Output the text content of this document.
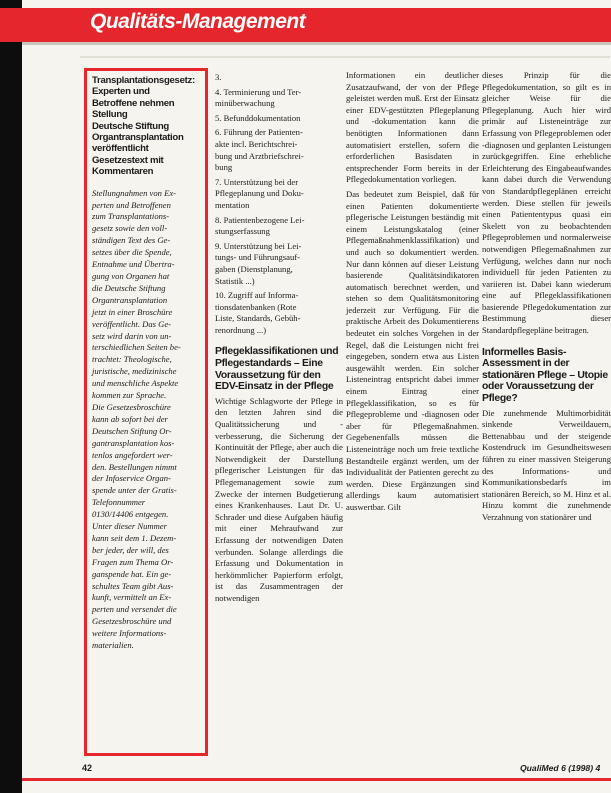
Qualitäts-Management
Transplantationsgesetz:
Experten und
Betroffene nehmen
Stellung
Deutsche Stiftung
Organtransplantation
veröffentlicht
Gesetzestext mit
Kommentaren
Stellungnahmen von Ex-
perten und Betroffenen
zum Transplantations-
gesetz sowie den voll-
ständigen Text des Ge-
setzes über die Spende,
Entnahme und Übertra-
gung von Organen hat
die Deutsche Stiftung
Organtransplantation
jetzt in einer Broschüre
veröffentlicht. Das Ge-
setz wird darin von un-
terschiedlichen Seiten be-
trachtet: Theologische,
juristische, medizinische
und menschliche Aspekte
kommen zur Sprache.
Die Gesetzesbroschüre
kann ab sofort bei der
Deutschen Stiftung Or-
gantransplantation kos-
tenlos angefordert wer-
den. Bestellungen nimmt
der Infoservice Organ-
spende unter der Gratis-
Telefonnummer
0130/14406 entgegen.
Unter dieser Nummer
kann seit dem 1. Dezem-
ber jeder, der will, des
Fragen zum Thema Or-
ganspende hat. Ein ge-
schultes Team gibt Aus-
kunft, vermittelt an Ex-
perten und versendet die
Gesetzesbroschüre und
weitere Informations-
materialien.

3.

4. Terminierung und Ter-
minüberwachung

5. Befunddokumentation

6. Führung der Patienten-
akte incl. Berichtschrei-
bung und Arztbriefschrei-
bung

7. Unterstützung bei der
Pflegeplanung und Doku-
mentation

8. Patientenbezogene Lei-
stungserfassung

9. Unterstützung bei Lei-
tungs- und Führungsauf-
gaben (Dienstplanung,
Statistik ...)

10. Zugriff auf Informa-
tionsdatenbanken (Rote
Liste, Standards, Gebüh-
renordnung ...)

Pflegeklassifikationen und Pflegestandards – Eine Voraussetzung für den EDV-Einsatz in der Pflege

Wichtige Schlagworte der Pflege in den letzten Jahren sind die Qualitätssicherung und -verbesserung, die Sicherung der Kontinuität der Pflege, aber auch die Notwendigkeit der Darstellung pflegerischer Leistungen für das Pflegemanagement sowie zum Zwecke der internen Budgetierung eines Krankenhauses. Laut Dr. U. Schrader und diese Aufgaben häufig mit einer Mehraufwand zur Erfassung der notwendigen Daten verbunden. Solange allerdings die Erfassung und Dokumentation in herkömmlicher Papierform erfolgt, ist das Zusammentragen der notwendigen

Informationen ein deutlicher Zusatzaufwand, der von der Pflege geleistet werden muß. Erst der Einsatz einer EDV-gestützten Pflegeplanung und -dokumentation kann die benötigten Informationen dann automatisiert erstellen, sofern die erforderlichen Basisdaten in entsprechender Form bereits in der Pflegedokumentation vorliegen.

Das bedeutet zum Beispiel, daß für einen Patienten dokumentierte pflegerische Leistungen beständig mit einem Leistungskatalog (einer Pflegemaßnahmenklassifikation) und und auch so dokumentiert werden. Nur dann können auf dieser Leistung basierende Qualitätsindikatoren automatisch berechnet werden, und stehen so dem Qualitätsmonitoring jederzeit zur Verfügung. Für die praktische Arbeit des Dokumentierens bedeutet ein solches Vorgehen in der Regel, daß die Leistungen nicht frei eingegeben, sondern etwa aus Listen ausgewählt werden. Ein solcher Listeneintrag entspricht dabei immer einem Eintrag einer Pflegeklassifikation, so es für Pflegeprobleme und -diagnosen oder aber für Pflegemaßnahmen. Gegebenenfalls müssen die Listeneinträge noch um freie textliche Bestandteile ergänzt werden, um der Individualität der Patienten gerecht zu werden. Diese Ergänzungen sind allerdings kaum automatisiert auswertbar. Gilt

dieses Prinzip für die Pflegedokumentation, so gilt es in gleicher Weise für die Pflegeplanung. Auch hier wird primär auf Listeneinträge zur Erfassung von Pflegeproblemen oder -diagnosen und geplanten Leistungen zurückgegriffen. Eine erhebliche Erleichterung des Eingabeaufwandes kann dabei durch die Verwendung von Standardpflegeplänen erreicht werden. Diese stellen für jeweils einen Patiententypus quasi ein Skelett von zu beobachtenden Pflegeproblemen und normalerweise notwendigen Pflegemaßnahmen zur Verfügung, welches dann nur noch individuell für jeden Patienten zu variieren ist. Dabei kann wiederum eine auf Pflegeklassifikationen basierende Pflegedokumentation zur Bestimmung dieser Standardpflegepläne beitragen.

Informelles Basis-Assessment in der stationären Pflege – Utopie oder Voraussetzung der Pflege?

Die zunehmende Multimorbidität sinkende Verweildauern, Bettenabbau und der steigende Kostendruck im Gesundheitswesen führen zu einer massiven Steigerung des Informations- und Kommunikationsbedarfs im stationären Bereich, so M. Hinz et al. Hinzu kommt die zunehmende Verzahnung von stationärer und

42	QualiMed 6 (1998) 4
